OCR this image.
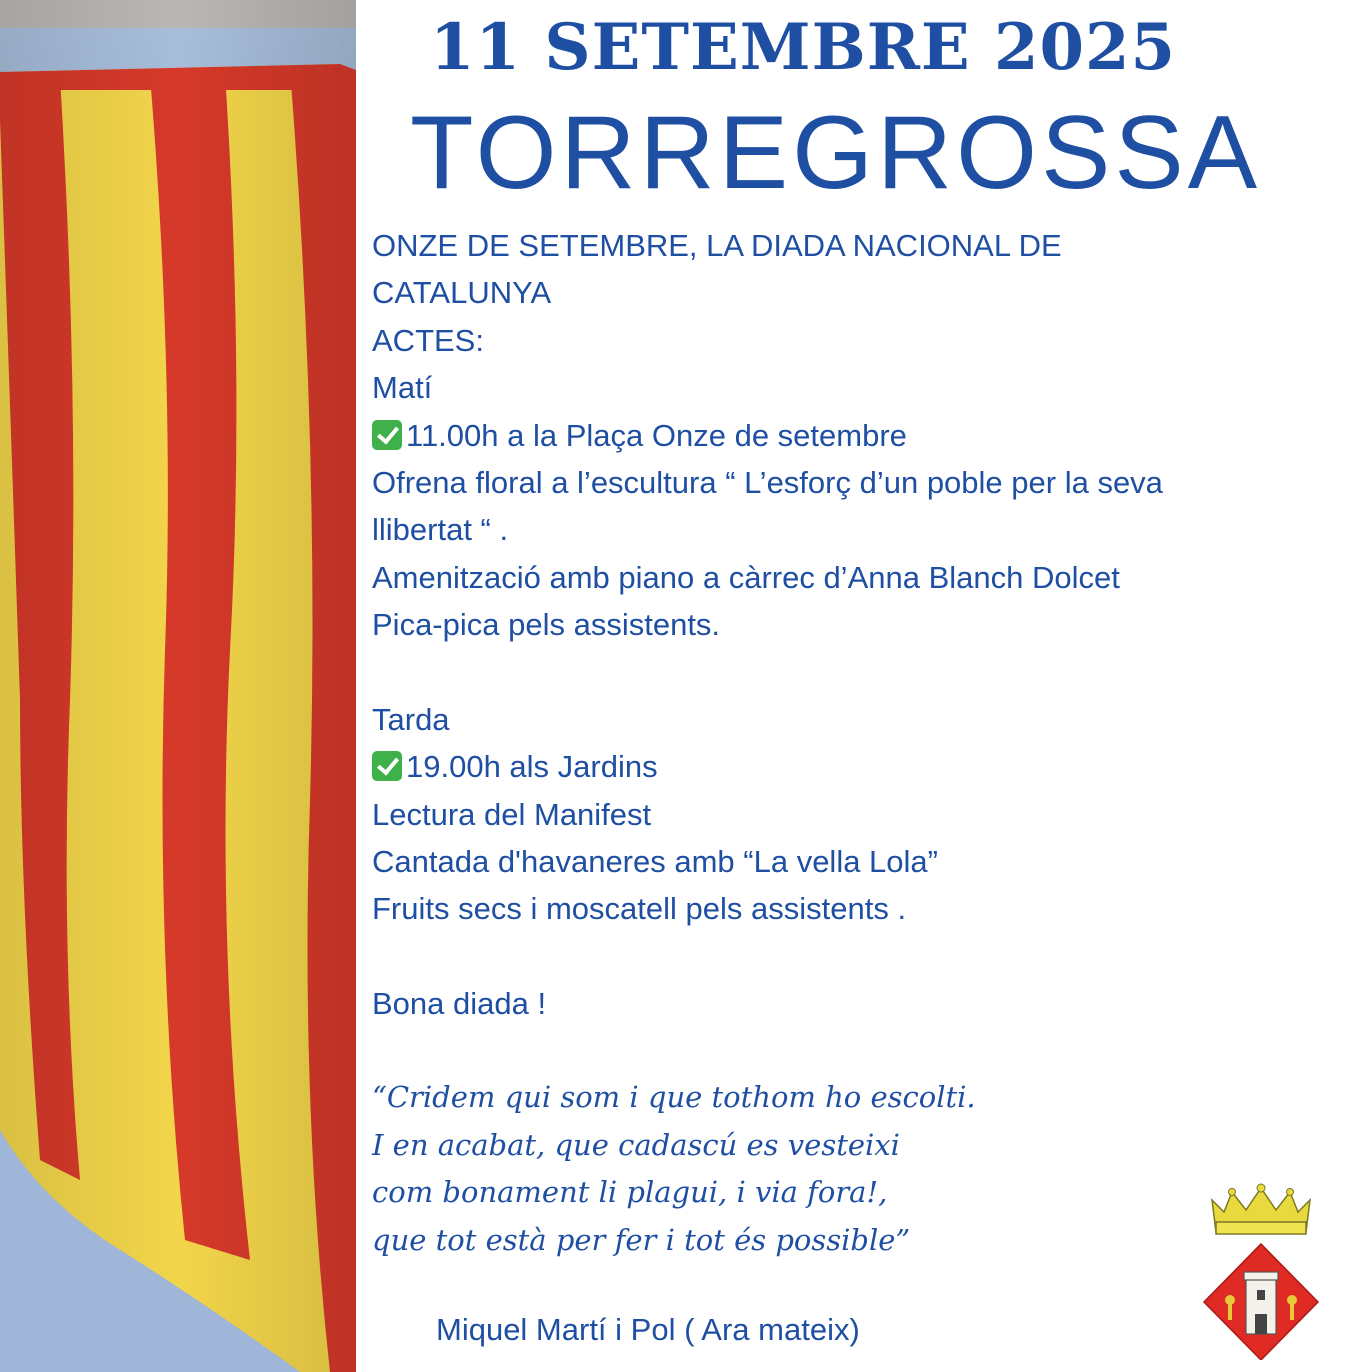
11 SETEMBRE 2025
TORREGROSSA
ONZE DE SETEMBRE, LA DIADA NACIONAL DE
CATALUNYA
ACTES:
Matí
11.00h a la Plaça Onze de setembre
Ofrena floral a l’escultura “ L’esforç d’un poble per la seva
llibertat “ .
Amenització amb piano a càrrec d’Anna Blanch Dolcet
Pica-pica pels assistents.
Tarda
19.00h als Jardins
Lectura del Manifest
Cantada d'havaneres amb “La vella Lola”
Fruits secs i moscatell pels assistents .
Bona diada !
“Cridem qui som i que tothom ho escolti.
I en acabat, que cadascú es vesteixi
com bonament li plagui, i via fora!,
que tot està per fer i tot és possible”
Miquel Martí i Pol ( Ara mateix)
